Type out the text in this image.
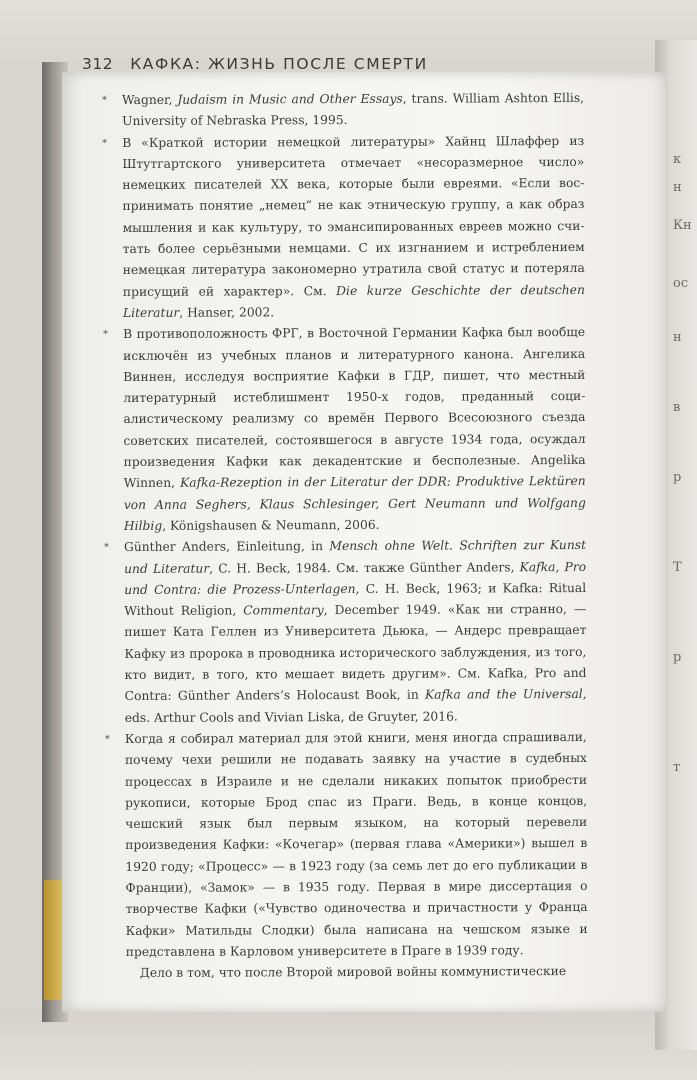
к
н
Кн
ос
н
в
р
Т
р
т
312 КАФКА: ЖИЗНЬ ПОСЛЕ СМЕРТИ

* Wagner, Judaism in Music and Other Essays, trans. William Ashton Ellis, University of Nebraska Press, 1995.

* В «Краткой истории немецкой литературы» Хайнц Шлаффер из Штутгартского университета отмечает «несоразмерное число» немецких писателей XX века, которые были евреями. «Если воспринимать понятие „немец“ не как этническую группу, а как образ мышления и как культуру, то эмансипированных евреев можно считать более серьёзными немцами. С их изгнанием и истреблением немецкая литература закономерно утратила свой статус и потеряла присущий ей характер». См. Die kurze Geschichte der deutschen Literatur, Hanser, 2002.

* В противоположность ФРГ, в Восточной Германии Кафка был вообще исключён из учебных планов и литературного канона. Ангелика Виннен, исследуя восприятие Кафки в ГДР, пишет, что местный литературный истеблишмент 1950-х годов, преданный социалистическому реализму со времён Первого Всесоюзного съезда советских писателей, состоявшегося в августе 1934 года, осуждал произведения Кафки как декадентские и бесполезные. Angelika Winnen, Kafka-Rezeption in der Literatur der DDR: Produktive Lektüren von Anna Seghers, Klaus Schlesinger, Gert Neumann und Wolfgang Hilbig, Königshausen & Neumann, 2006.

* Günther Anders, Einleitung, in Mensch ohne Welt. Schriften zur Kunst und Literatur, C. H. Beck, 1984. См. также Günther Anders, Kafka, Pro und Contra: die Prozess-Unterlagen, C. H. Beck, 1963; и Kafka: Ritual Without Religion, Commentary, December 1949. «Как ни странно, — пишет Ката Геллен из Университета Дьюка, — Андерс превращает Кафку из пророка в проводника исторического заблуждения, из того, кто видит, в того, кто мешает видеть другим». См. Kafka, Pro and Contra: Günther Anders’s Holocaust Book, in Kafka and the Universal, eds. Arthur Cools and Vivian Liska, de Gruyter, 2016.

* Когда я собирал материал для этой книги, меня иногда спрашивали, почему чехи решили не подавать заявку на участие в судебных процессах в Израиле и не сделали никаких попыток приобрести рукописи, которые Брод спас из Праги. Ведь, в конце концов, чешский язык был первым языком, на который перевели произведения Кафки: «Кочегар» (первая глава «Америки») вышел в 1920 году; «Процесс» — в 1923 году (за семь лет до его публикации в Франции), «Замок» — в 1935 году. Первая в мире диссертация о творчестве Кафки («Чувство одиночества и причастности у Франца Кафки» Матильды Слодки) была написана на чешском языке и представлена в Карловом университете в Праге в 1939 году.

Дело в том, что после Второй мировой войны коммунистические
